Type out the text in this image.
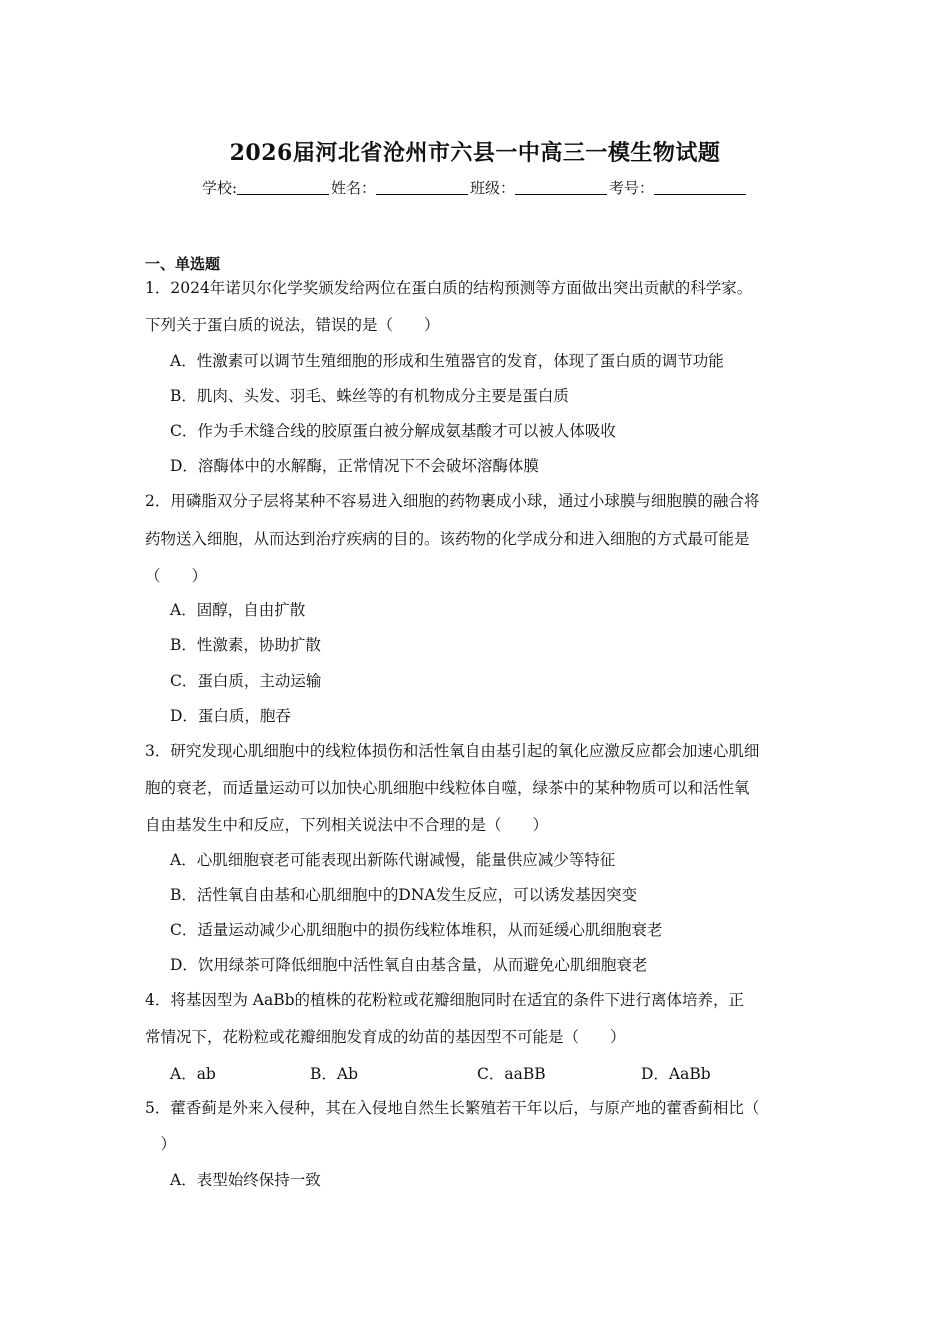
2026届河北省沧州市六县一中高三一模生物试题
学校:	姓名：	班级：	考号：
一、单选题
1．2024年诺贝尔化学奖颁发给两位在蛋白质的结构预测等方面做出突出贡献的科学家。
下列关于蛋白质的说法，错误的是（　　）
A．性激素可以调节生殖细胞的形成和生殖器官的发育，体现了蛋白质的调节功能
B．肌肉、头发、羽毛、蛛丝等的有机物成分主要是蛋白质
C．作为手术缝合线的胶原蛋白被分解成氨基酸才可以被人体吸收
D．溶酶体中的水解酶，正常情况下不会破坏溶酶体膜
2．用磷脂双分子层将某种不容易进入细胞的药物裹成小球，通过小球膜与细胞膜的融合将
药物送入细胞，从而达到治疗疾病的目的。该药物的化学成分和进入细胞的方式最可能是
（　　）
A．固醇，自由扩散
B．性激素，协助扩散
C．蛋白质，主动运输
D．蛋白质，胞吞
3．研究发现心肌细胞中的线粒体损伤和活性氧自由基引起的氧化应激反应都会加速心肌细
胞的衰老，而适量运动可以加快心肌细胞中线粒体自噬，绿茶中的某种物质可以和活性氧
自由基发生中和反应，下列相关说法中不合理的是（　　）
A．心肌细胞衰老可能表现出新陈代谢减慢，能量供应减少等特征
B．活性氧自由基和心肌细胞中的DNA发生反应，可以诱发基因突变
C．适量运动减少心肌细胞中的损伤线粒体堆积，从而延缓心肌细胞衰老
D．饮用绿茶可降低细胞中活性氧自由基含量，从而避免心肌细胞衰老
4．将基因型为 AaBb的植株的花粉粒或花瓣细胞同时在适宜的条件下进行离体培养，正
常情况下，花粉粒或花瓣细胞发育成的幼苗的基因型不可能是（　　）
A．ab	B．Ab	C．aaBB	D．AaBb
5．藿香蓟是外来入侵种，其在入侵地自然生长繁殖若干年以后，与原产地的藿香蓟相比（
　）
A．表型始终保持一致
